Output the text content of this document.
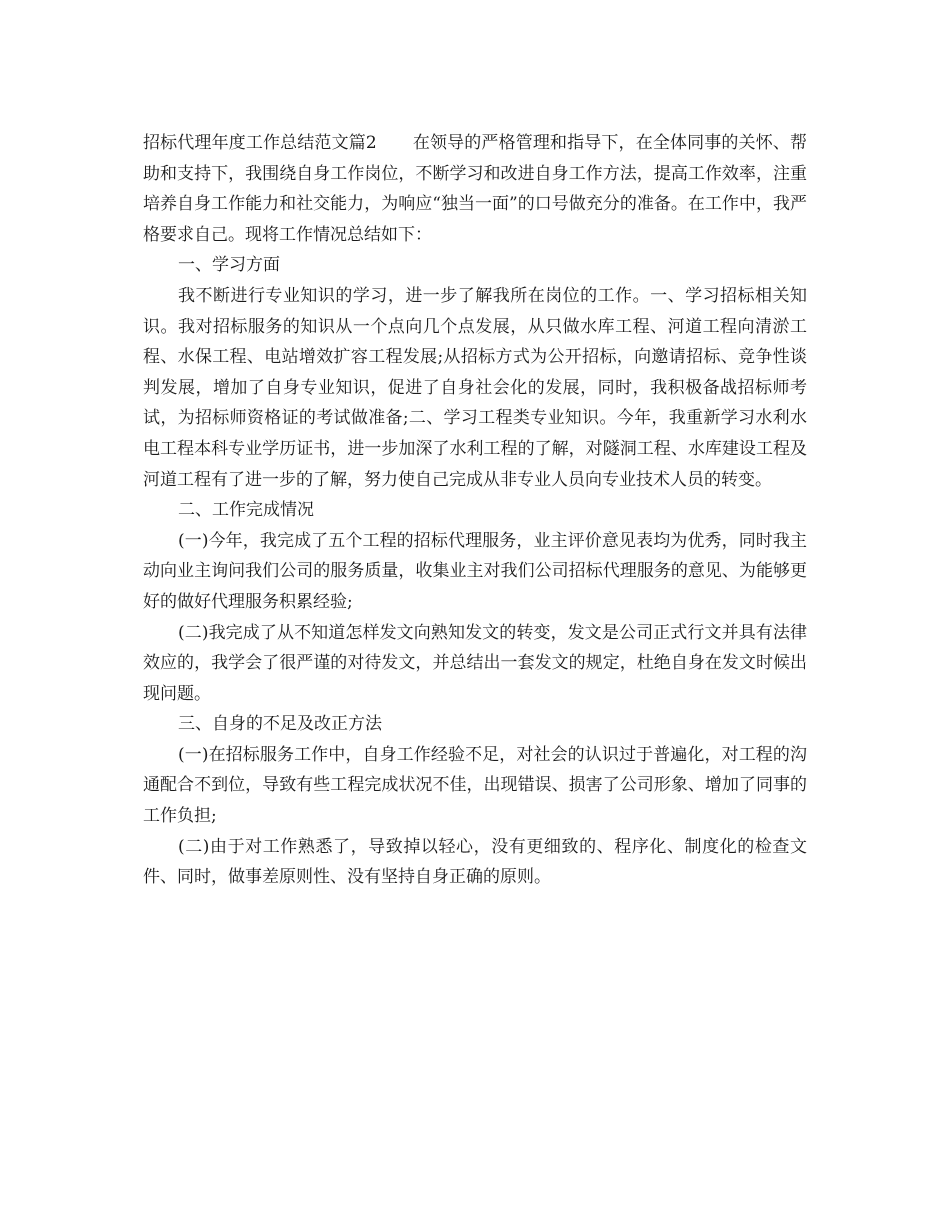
招标代理年度工作总结范文篇2 在领导的严格管理和指导下，在全体同事的关怀、帮助和支持下，我围绕自身工作岗位，不断学习和改进自身工作方法，提高工作效率，注重培养自身工作能力和社交能力，为响应“独当一面”的口号做充分的准备。在工作中，我严格要求自己。现将工作情况总结如下：

一、学习方面

我不断进行专业知识的学习，进一步了解我所在岗位的工作。一、学习招标相关知识。我对招标服务的知识从一个点向几个点发展，从只做水库工程、河道工程向清淤工程、水保工程、电站增效扩容工程发展;从招标方式为公开招标，向邀请招标、竞争性谈判发展，增加了自身专业知识，促进了自身社会化的发展，同时，我积极备战招标师考试，为招标师资格证的考试做准备;二、学习工程类专业知识。今年，我重新学习水利水电工程本科专业学历证书，进一步加深了水利工程的了解，对隧洞工程、水库建设工程及河道工程有了进一步的了解，努力使自己完成从非专业人员向专业技术人员的转变。

二、工作完成情况

(一)今年，我完成了五个工程的招标代理服务，业主评价意见表均为优秀，同时我主动向业主询问我们公司的服务质量，收集业主对我们公司招标代理服务的意见、为能够更好的做好代理服务积累经验;

(二)我完成了从不知道怎样发文向熟知发文的转变，发文是公司正式行文并具有法律效应的，我学会了很严谨的对待发文，并总结出一套发文的规定，杜绝自身在发文时候出现问题。

三、自身的不足及改正方法

(一)在招标服务工作中，自身工作经验不足，对社会的认识过于普遍化，对工程的沟通配合不到位，导致有些工程完成状况不佳，出现错误、损害了公司形象、增加了同事的工作负担;

(二)由于对工作熟悉了，导致掉以轻心，没有更细致的、程序化、制度化的检查文件、同时，做事差原则性、没有坚持自身正确的原则。
